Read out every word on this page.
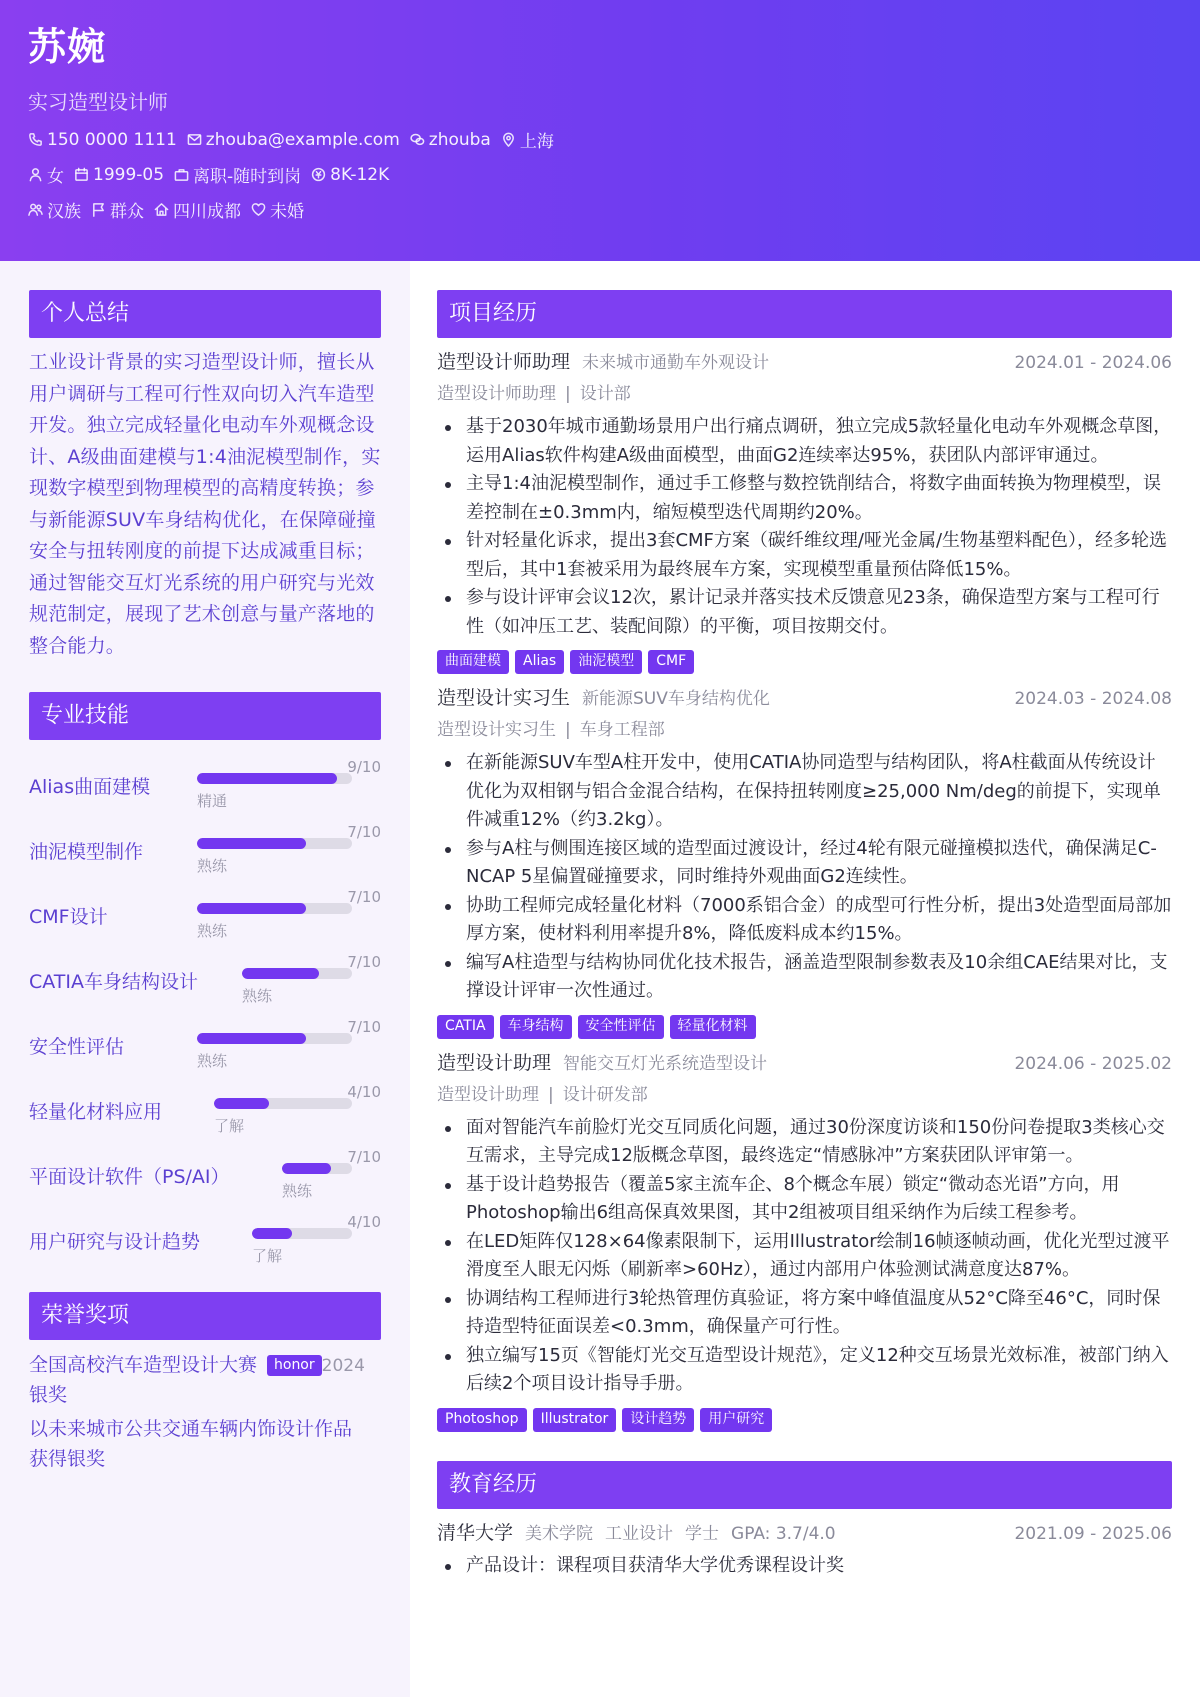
苏婉
实习造型设计师
150 0000 1111 zhouba@example.com zhouba 上海
女 1999-05 离职-随时到岗 8K-12K
汉族 群众 四川成都 未婚
个人总结
工业设计背景的实习造型设计师，擅长从用户调研与工程可行性双向切入汽车造型开发。独立完成轻量化电动车外观概念设计、A级曲面建模与1:4油泥模型制作，实现数字模型到物理模型的高精度转换；参与新能源SUV车身结构优化，在保障碰撞安全与扭转刚度的前提下达成减重目标；通过智能交互灯光系统的用户研究与光效规范制定，展现了艺术创意与量产落地的整合能力。
专业技能
Alias曲面建模
9/10
精通
油泥模型制作
7/10
熟练
CMF设计
7/10
熟练
CATIA车身结构设计
7/10
熟练
安全性评估
7/10
熟练
轻量化材料应用
4/10
了解
平面设计软件（PS/AI）
7/10
熟练
用户研究与设计趋势
4/10
了解
荣誉奖项
全国高校汽车造型设计大赛银奖honor 2024
以未来城市公共交通车辆内饰设计作品获得银奖
项目经历
造型设计师助理 未来城市通勤车外观设计	2024.01 - 2024.06
造型设计师助理 | 设计部
基于2030年城市通勤场景用户出行痛点调研，独立完成5款轻量化电动车外观概念草图，运用Alias软件构建A级曲面模型，曲面G2连续率达95%，获团队内部评审通过。
主导1:4油泥模型制作，通过手工修整与数控铣削结合，将数字曲面转换为物理模型，误差控制在±0.3mm内，缩短模型迭代周期约20%。
针对轻量化诉求，提出3套CMF方案（碳纤维纹理/哑光金属/生物基塑料配色），经多轮选型后，其中1套被采用为最终展车方案，实现模型重量预估降低15%。
参与设计评审会议12次，累计记录并落实技术反馈意见23条，确保造型方案与工程可行性（如冲压工艺、装配间隙）的平衡，项目按期交付。
曲面建模	Alias	油泥模型	CMF
造型设计实习生 新能源SUV车身结构优化	2024.03 - 2024.08
造型设计实习生 | 车身工程部
在新能源SUV车型A柱开发中，使用CATIA协同造型与结构团队，将A柱截面从传统设计优化为双相钢与铝合金混合结构，在保持扭转刚度≥25,000 Nm/deg的前提下，实现单件减重12%（约3.2kg）。
参与A柱与侧围连接区域的造型面过渡设计，经过4轮有限元碰撞模拟迭代，确保满足C-NCAP 5星偏置碰撞要求，同时维持外观曲面G2连续性。
协助工程师完成轻量化材料（7000系铝合金）的成型可行性分析，提出3处造型面局部加厚方案，使材料利用率提升8%，降低废料成本约15%。
编写A柱造型与结构协同优化技术报告，涵盖造型限制参数表及10余组CAE结果对比，支撑设计评审一次性通过。
CATIA	车身结构	安全性评估	轻量化材料
造型设计助理 智能交互灯光系统造型设计	2024.06 - 2025.02
造型设计助理 | 设计研发部
面对智能汽车前脸灯光交互同质化问题，通过30份深度访谈和150份问卷提取3类核心交互需求，主导完成12版概念草图，最终选定“情感脉冲”方案获团队评审第一。
基于设计趋势报告（覆盖5家主流车企、8个概念车展）锁定“微动态光语”方向，用Photoshop输出6组高保真效果图，其中2组被项目组采纳作为后续工程参考。
在LED矩阵仅128×64像素限制下，运用Illustrator绘制16帧逐帧动画，优化光型过渡平滑度至人眼无闪烁（刷新率>60Hz），通过内部用户体验测试满意度达87%。
协调结构工程师进行3轮热管理仿真验证，将方案中峰值温度从52°C降至46°C，同时保持造型特征面误差<0.3mm，确保量产可行性。
独立编写15页《智能灯光交互造型设计规范》，定义12种交互场景光效标准，被部门纳入后续2个项目设计指导手册。
Photoshop	Illustrator	设计趋势	用户研究
教育经历
清华大学 美术学院 工业设计 学士 GPA: 3.7/4.0	2021.09 - 2025.06
产品设计：课程项目获清华大学优秀课程设计奖
